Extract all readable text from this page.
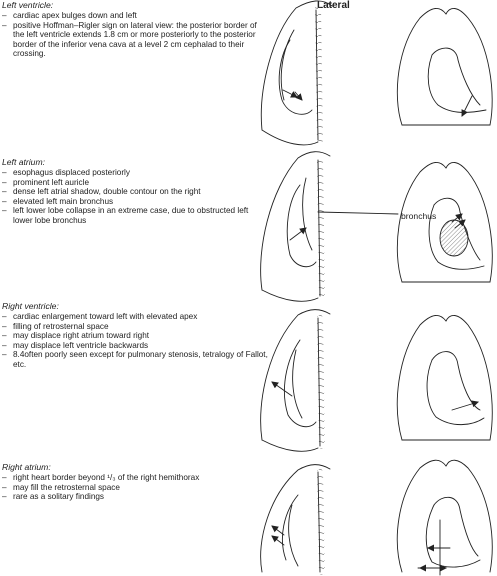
Left ventricle:
– cardiac apex bulges down and left
– positive Hoffman–Rigler sign on lateral view: the posterior border of the left ventricle extends 1.8 cm or more posteriorly to the posterior border of the inferior vena cava at a level 2 cm cephalad to their crossing.
Left atrium:
– esophagus displaced posteriorly
– prominent left auricle
– dense left atrial shadow, double contour on the right
– elevated left main bronchus
– left lower lobe collapse in an extreme case, due to obstructed left lower lobe bronchus
Right ventricle:
– cardiac enlargement toward left with elevated apex
– filling of retrosternal space
– may displace right atrium toward right
– may displace left ventricle backwards
– 8.4often poorly seen except for pulmonary stenosis, tetralogy of Fallot, etc.
Right atrium:
– right heart border beyond ¹/₃ of the right hemithorax
– may fill the retrosternal space
– rare as a solitary findings
Lateral
bronchus
